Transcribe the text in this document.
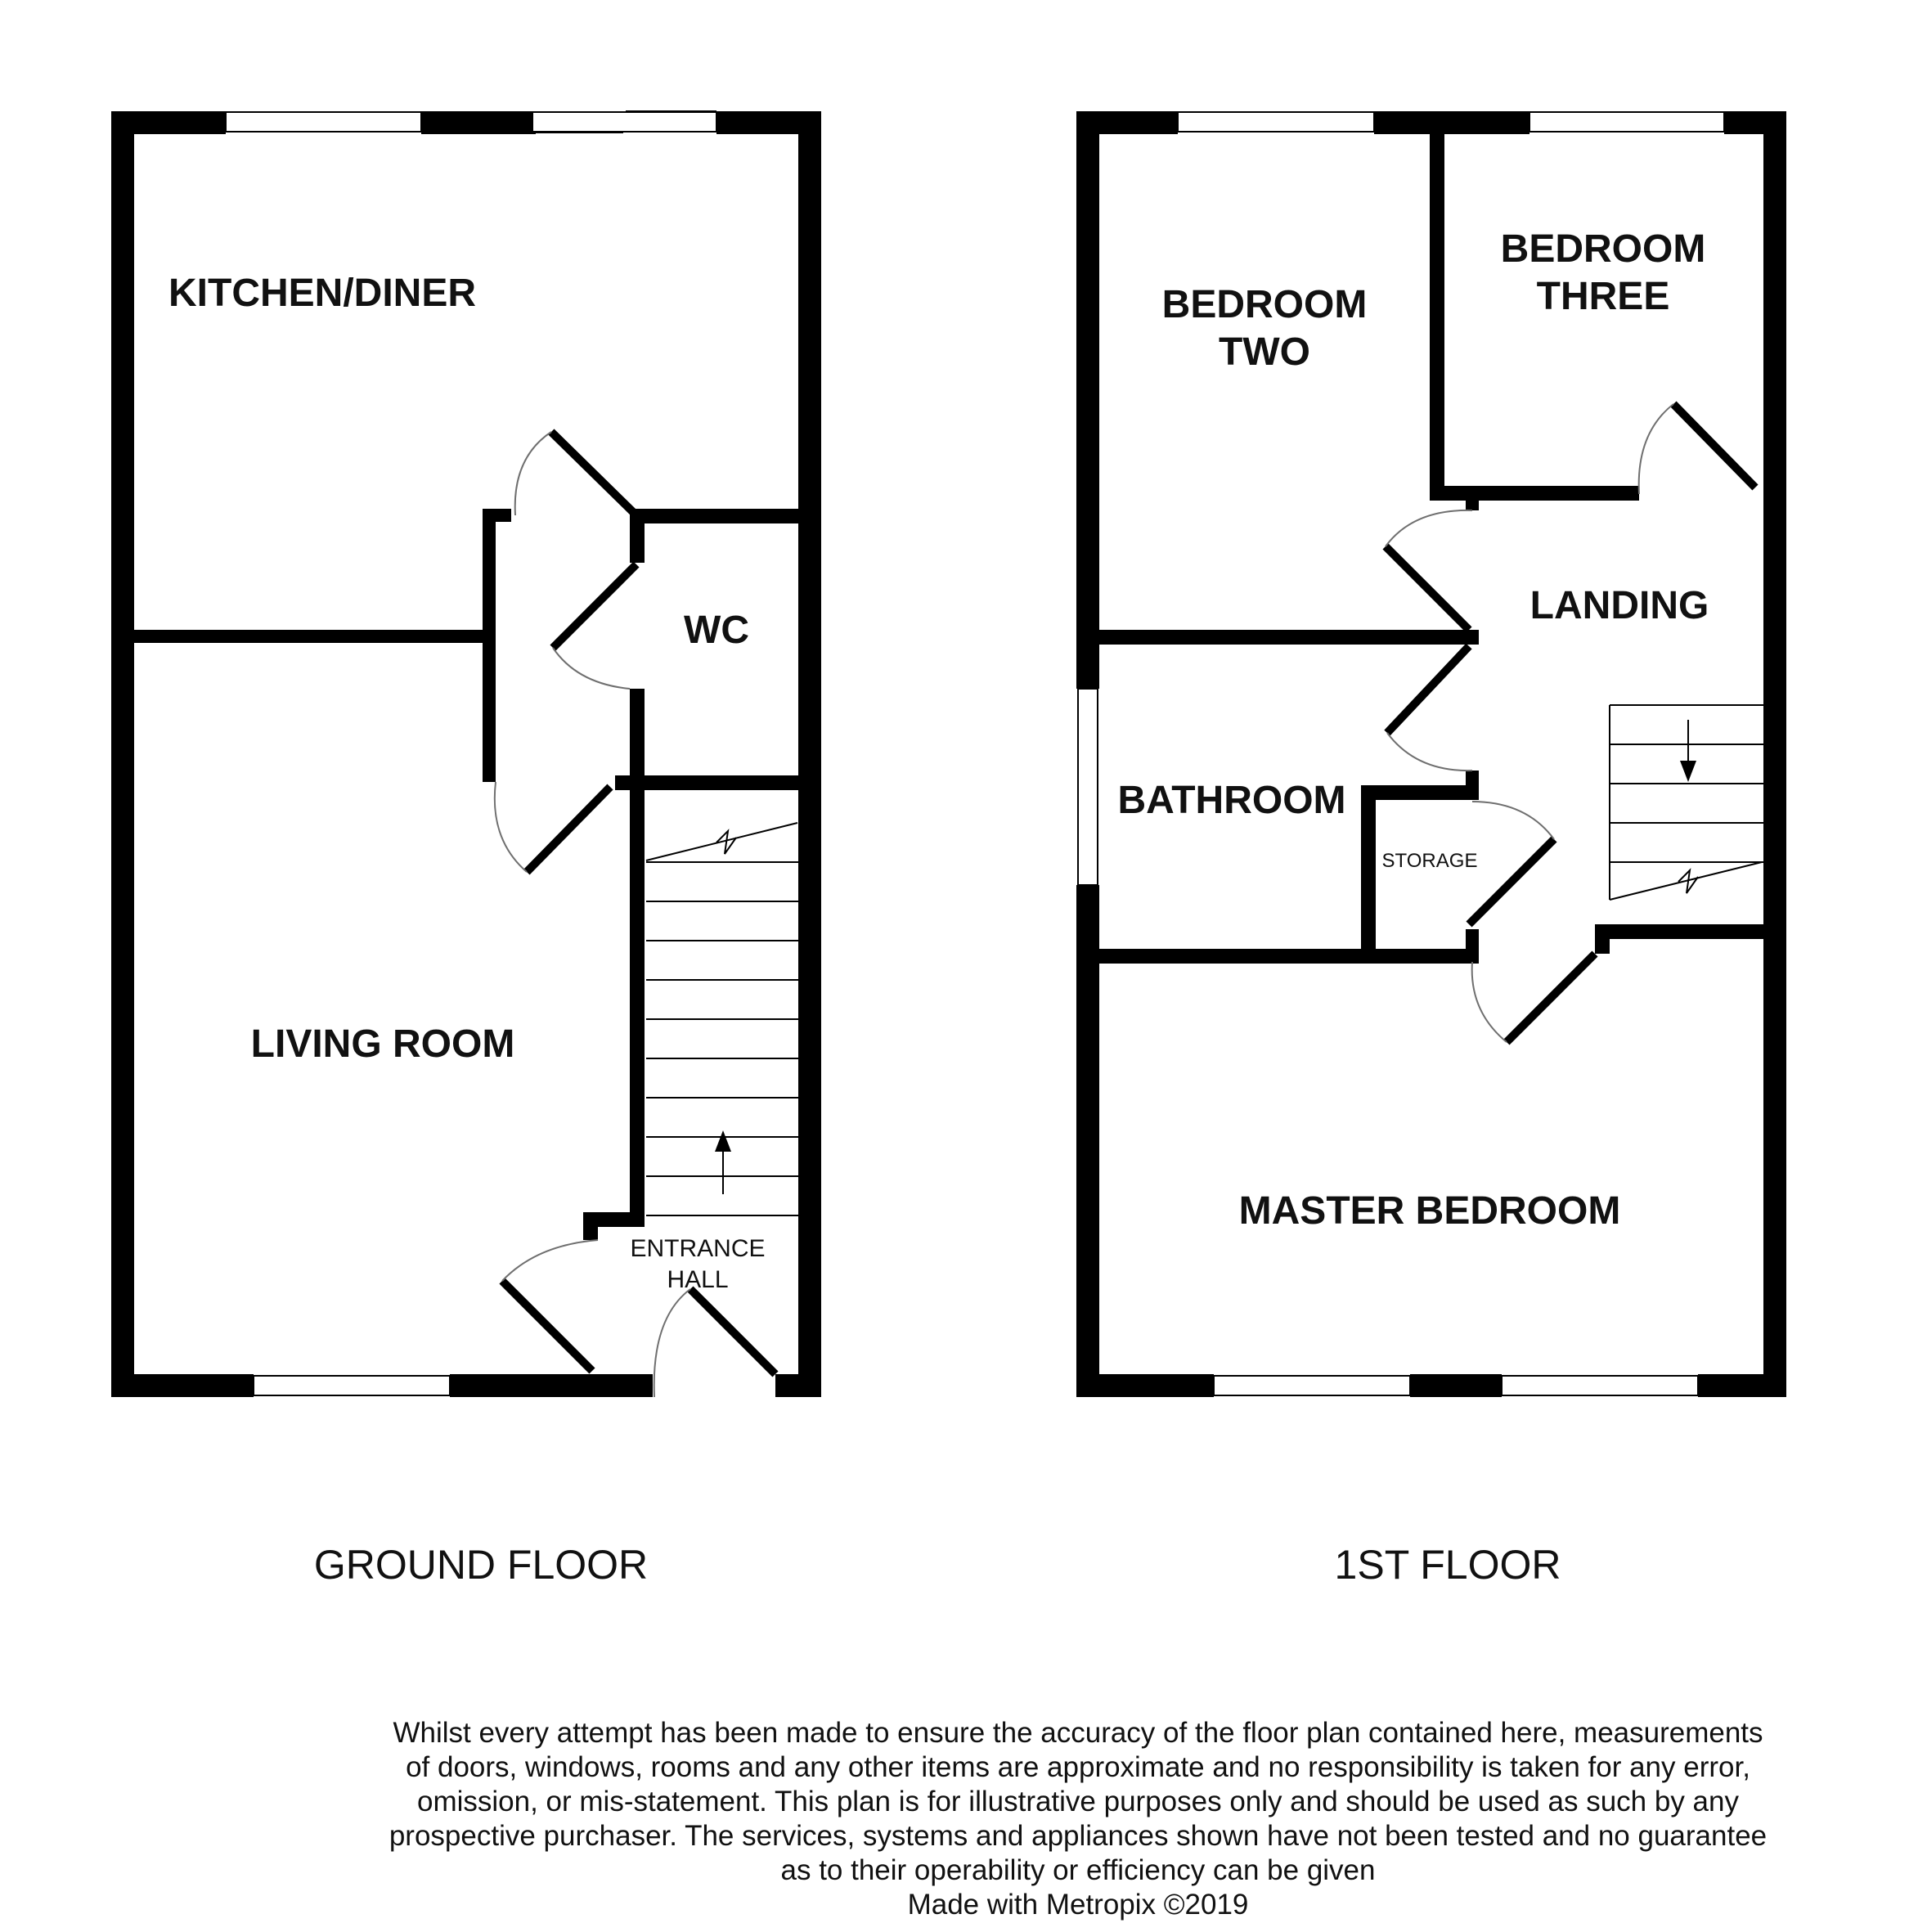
KITCHEN/DINER
WC
LIVING ROOM
ENTRANCE
HALL
GROUND FLOOR
BEDROOM
TWO
BEDROOM
THREE
LANDING
BATHROOM
STORAGE
MASTER BEDROOM
1ST FLOOR
Whilst every attempt has been made to ensure the accuracy of the floor plan contained here, measurements
of doors, windows, rooms and any other items are approximate and no responsibility is taken for any error,
omission, or mis-statement. This plan is for illustrative purposes only and should be used as such by any
prospective purchaser. The services, systems and appliances shown have not been tested and no guarantee
as to their operability or efficiency can be given
Made with Metropix ©2019
